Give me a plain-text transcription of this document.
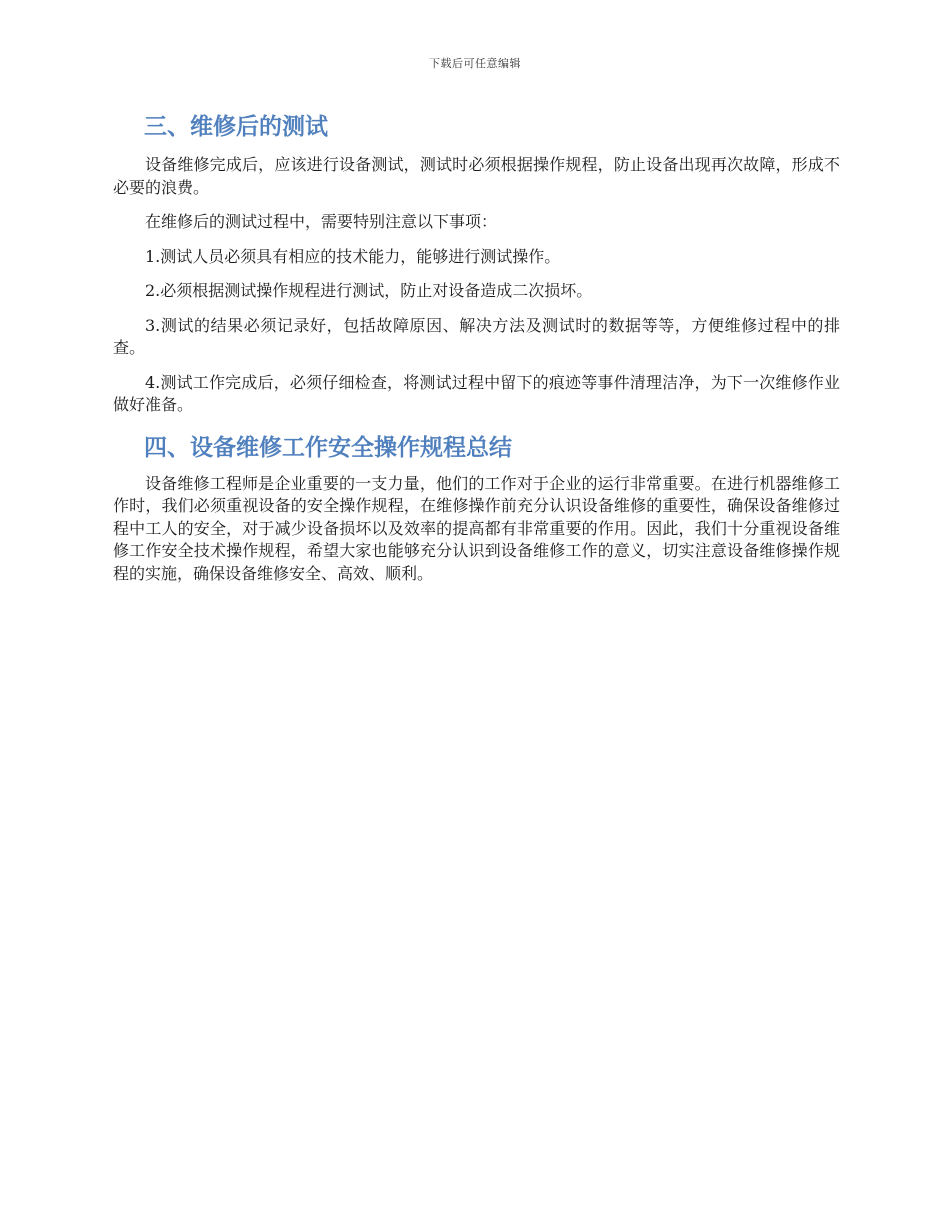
下载后可任意编辑
三、维修后的测试

设备维修完成后，应该进行设备测试，测试时必须根据操作规程，防止设备出现再次故障，形成不必要的浪费。

在维修后的测试过程中，需要特别注意以下事项：

1.测试人员必须具有相应的技术能力，能够进行测试操作。

2.必须根据测试操作规程进行测试，防止对设备造成二次损坏。

3.测试的结果必须记录好，包括故障原因、解决方法及测试时的数据等等，方便维修过程中的排查。

4.测试工作完成后，必须仔细检查，将测试过程中留下的痕迹等事件清理洁净，为下一次维修作业做好准备。

四、设备维修工作安全操作规程总结

设备维修工程师是企业重要的一支力量，他们的工作对于企业的运行非常重要。在进行机器维修工作时，我们必须重视设备的安全操作规程，在维修操作前充分认识设备维修的重要性，确保设备维修过程中工人的安全，对于减少设备损坏以及效率的提高都有非常重要的作用。因此，我们十分重视设备维修工作安全技术操作规程，希望大家也能够充分认识到设备维修工作的意义，切实注意设备维修操作规程的实施，确保设备维修安全、高效、顺利。
